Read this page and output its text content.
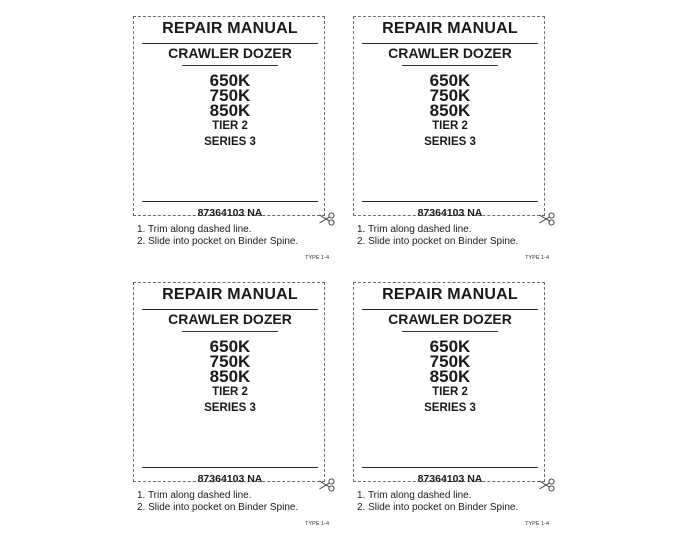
REPAIR MANUAL
CRAWLER DOZER
650K
750K
850K
TIER 2
SERIES 3
87364103 NA
1. Trim along dashed line.
2. Slide into pocket on Binder Spine.
TYPE 1-4
REPAIR MANUAL
CRAWLER DOZER
650K
750K
850K
TIER 2
SERIES 3
87364103 NA
1. Trim along dashed line.
2. Slide into pocket on Binder Spine.
TYPE 1-4
REPAIR MANUAL
CRAWLER DOZER
650K
750K
850K
TIER 2
SERIES 3
87364103 NA
1. Trim along dashed line.
2. Slide into pocket on Binder Spine.
TYPE 1-4
REPAIR MANUAL
CRAWLER DOZER
650K
750K
850K
TIER 2
SERIES 3
87364103 NA
1. Trim along dashed line.
2. Slide into pocket on Binder Spine.
TYPE 1-4
